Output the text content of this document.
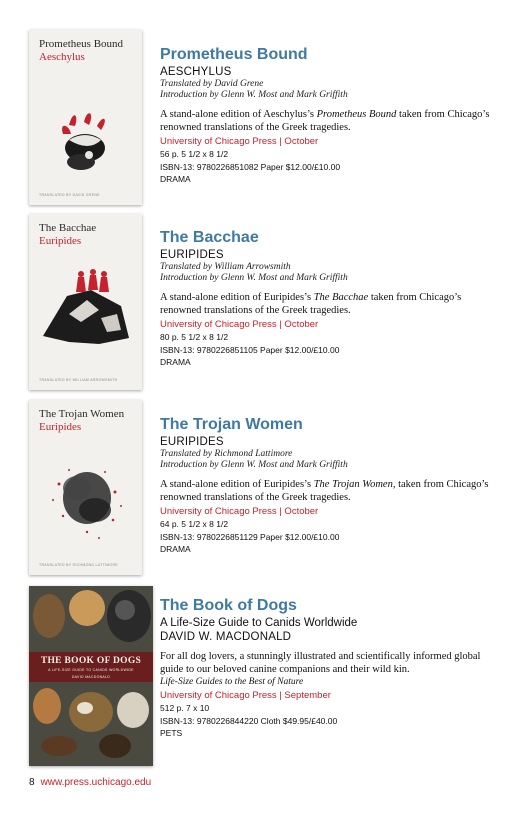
Prometheus Bound
Aeschylus
TRANSLATED BY DAVID GRENE
Prometheus Bound
AESCHYLUS
Translated by David Grene
Introduction by Glenn W. Most and Mark Griffith
A stand-alone edition of Aeschylus’s Prometheus Bound taken from Chicago’s renowned translations of the Greek tragedies.
University of Chicago Press | October
56 p. 5 1/2 x 8 1/2
ISBN-13: 9780226851082 Paper $12.00/£10.00
DRAMA
The Bacchae
Euripides
TRANSLATED BY WILLIAM ARROWSMITH
The Bacchae
EURIPIDES
Translated by William Arrowsmith
Introduction by Glenn W. Most and Mark Griffith
A stand-alone edition of Euripides’s The Bacchae taken from Chicago’s renowned translations of the Greek tragedies.
University of Chicago Press | October
80 p. 5 1/2 x 8 1/2
ISBN-13: 9780226851105 Paper $12.00/£10.00
DRAMA
The Trojan Women
Euripides
TRANSLATED BY RICHMOND LATTIMORE
The Trojan Women
EURIPIDES
Translated by Richmond Lattimore
Introduction by Glenn W. Most and Mark Griffith
A stand-alone edition of Euripides’s The Trojan Women, taken from Chicago’s renowned translations of the Greek tragedies.
University of Chicago Press | October
64 p. 5 1/2 x 8 1/2
ISBN-13: 9780226851129 Paper $12.00/£10.00
DRAMA
THE BOOK OF DOGS
A LIFE-SIZE GUIDE TO CANIDS WORLDWIDE
DAVID MACDONALD
The Book of Dogs
A Life-Size Guide to Canids Worldwide
DAVID W. MACDONALD
For all dog lovers, a stunningly illustrated and scientifically informed global guide to our beloved canine companions and their wild kin.
Life-Size Guides to the Best of Nature
University of Chicago Press | September
512 p. 7 x 10
ISBN-13: 9780226844220 Cloth $49.95/£40.00
PETS
8 www.press.uchicago.edu
